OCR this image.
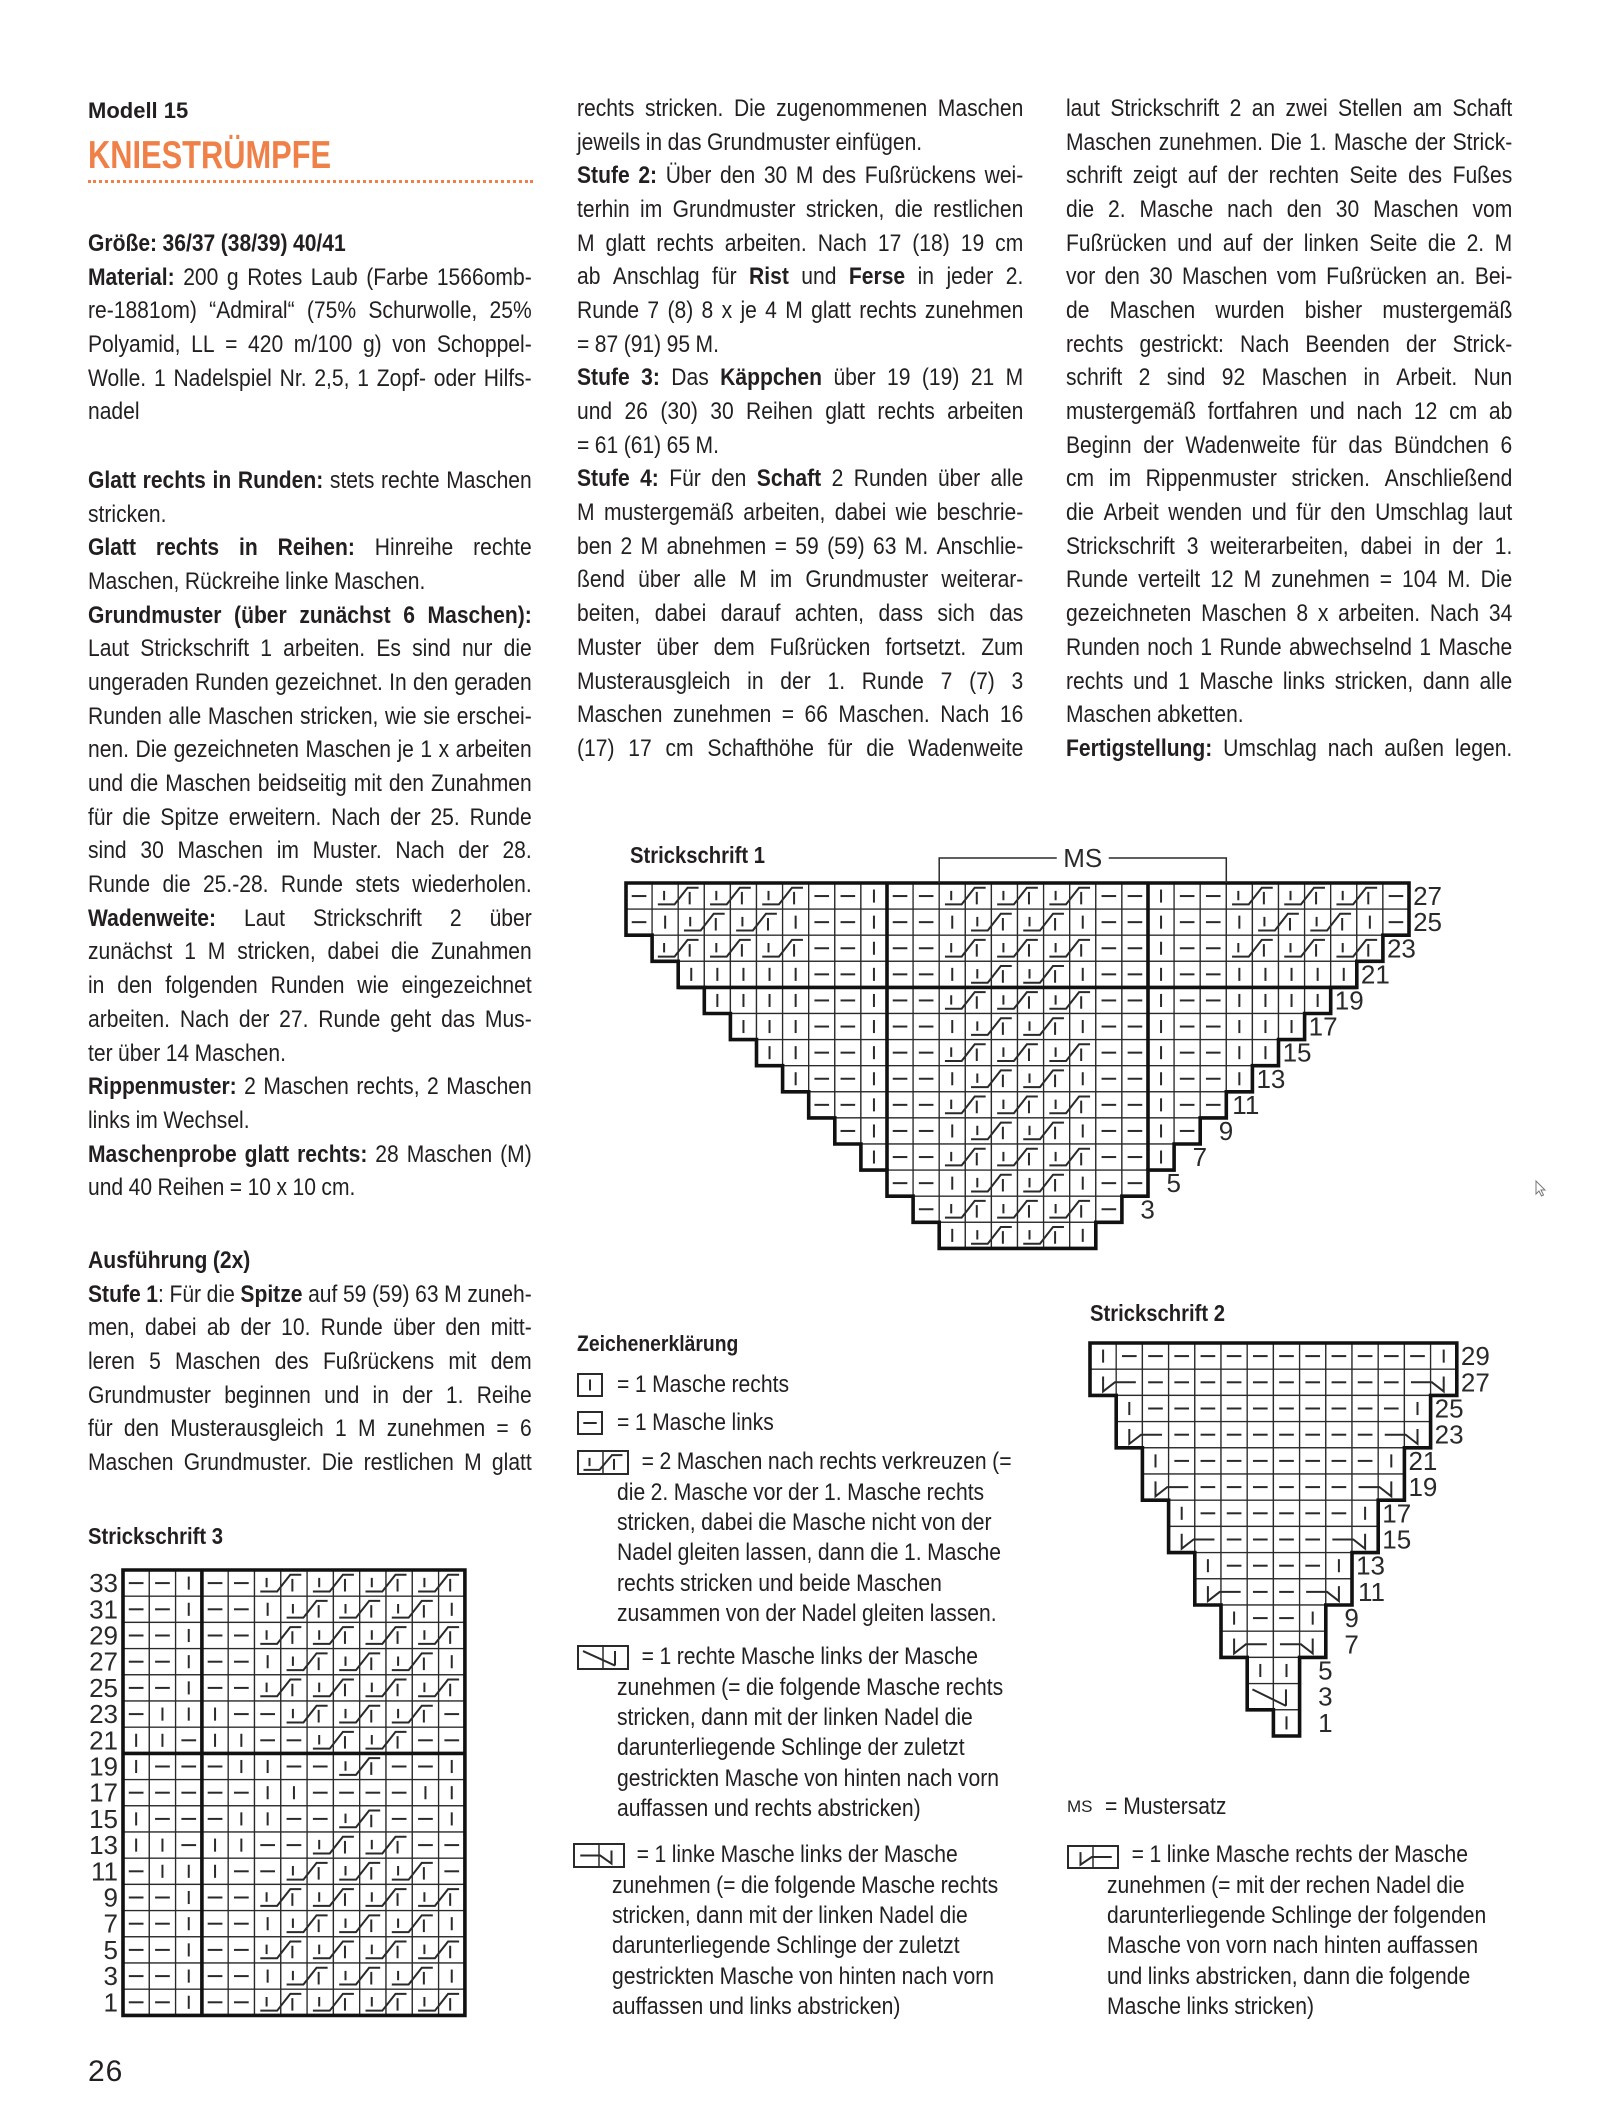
Modell 15
KNIESTRÜMPFE
Größe: 36/37 (38/39) 40/41
Material: 200 g Rotes Laub (Farbe 1566omb-
re-1881om) “Admiral“ (75% Schurwolle, 25%
Polyamid, LL = 420 m/100 g) von Schoppel-
Wolle. 1 Nadelspiel Nr. 2,5, 1 Zopf- oder Hilfs-
nadel
Glatt rechts in Runden: stets rechte Maschen
stricken.
Glatt rechts in Reihen: Hinreihe rechte
Maschen, Rückreihe linke Maschen.
Grundmuster (über zunächst 6 Maschen):
Laut Strickschrift 1 arbeiten. Es sind nur die
ungeraden Runden gezeichnet. In den geraden
Runden alle Maschen stricken, wie sie erschei-
nen. Die gezeichneten Maschen je 1 x arbeiten
und die Maschen beidseitig mit den Zunahmen
für die Spitze erweitern. Nach der 25. Runde
sind 30 Maschen im Muster. Nach der 28.
Runde die 25.-28. Runde stets wiederholen.
Wadenweite: Laut Strickschrift 2 über
zunächst 1 M stricken, dabei die Zunahmen
in den folgenden Runden wie eingezeichnet
arbeiten. Nach der 27. Runde geht das Mus-
ter über 14 Maschen.
Rippenmuster: 2 Maschen rechts, 2 Maschen
links im Wechsel.
Maschenprobe glatt rechts: 28 Maschen (M)
und 40 Reihen = 10 x 10 cm.
Ausführung (2x)
Stufe 1: Für die Spitze auf 59 (59) 63 M zuneh-
men, dabei ab der 10. Runde über den mitt-
leren 5 Maschen des Fußrückens mit dem
Grundmuster beginnen und in der 1. Reihe
für den Musterausgleich 1 M zunehmen = 6
Maschen Grundmuster. Die restlichen M glatt
rechts stricken. Die zugenommenen Maschen
jeweils in das Grundmuster einfügen.
Stufe 2: Über den 30 M des Fußrückens wei-
terhin im Grundmuster stricken, die restlichen
M glatt rechts arbeiten. Nach 17 (18) 19 cm
ab Anschlag für Rist und Ferse in jeder 2.
Runde 7 (8) 8 x je 4 M glatt rechts zunehmen
= 87 (91) 95 M.
Stufe 3: Das Käppchen über 19 (19) 21 M
und 26 (30) 30 Reihen glatt rechts arbeiten
= 61 (61) 65 M.
Stufe 4: Für den Schaft 2 Runden über alle
M mustergemäß arbeiten, dabei wie beschrie-
ben 2 M abnehmen = 59 (59) 63 M. Anschlie-
ßend über alle M im Grundmuster weiterar-
beiten, dabei darauf achten, dass sich das
Muster über dem Fußrücken fortsetzt. Zum
Musterausgleich in der 1. Runde 7 (7) 3
Maschen zunehmen = 66 Maschen. Nach 16
(17) 17 cm Schafthöhe für die Wadenweite
laut Strickschrift 2 an zwei Stellen am Schaft
Maschen zunehmen. Die 1. Masche der Strick-
schrift zeigt auf der rechten Seite des Fußes
die 2. Masche nach den 30 Maschen vom
Fußrücken und auf der linken Seite die 2. M
vor den 30 Maschen vom Fußrücken an. Bei-
de Maschen wurden bisher mustergemäß
rechts gestrickt: Nach Beenden der Strick-
schrift 2 sind 92 Maschen in Arbeit. Nun
mustergemäß fortfahren und nach 12 cm ab
Beginn der Wadenweite für das Bündchen 6
cm im Rippenmuster stricken. Anschließend
die Arbeit wenden und für den Umschlag laut
Strickschrift 3 weiterarbeiten, dabei in der 1.
Runde verteilt 12 M zunehmen = 104 M. Die
gezeichneten Maschen 8 x arbeiten. Nach 34
Runden noch 1 Runde abwechselnd 1 Masche
rechts und 1 Masche links stricken, dann alle
Maschen abketten.
Fertigstellung: Umschlag nach außen legen.
Strickschrift 1
Strickschrift 2
Strickschrift 3
MS
27
25
23
21
19
17
15
13
11
9
7
5
3
29
27
25
23
21
19
17
15
13
11
9
7
5
3
1
33
31
29
27
25
23
21
19
17
15
13
11
9
7
5
3
1
Zeichenerklärung
= 1 Masche rechts
= 1 Masche links
= 2 Maschen nach rechts verkreuzen (=
die 2. Masche vor der 1. Masche rechts
stricken, dabei die Masche nicht von der
Nadel gleiten lassen, dann die 1. Masche
rechts stricken und beide Maschen
zusammen von der Nadel gleiten lassen.
= 1 rechte Masche links der Masche
zunehmen (= die folgende Masche rechts
stricken, dann mit der linken Nadel die
darunterliegende Schlinge der zuletzt
gestrickten Masche von hinten nach vorn
auffassen und rechts abstricken)
= 1 linke Masche links der Masche
zunehmen (= die folgende Masche rechts
stricken, dann mit der linken Nadel die
darunterliegende Schlinge der zuletzt
gestrickten Masche von hinten nach vorn
auffassen und links abstricken)
MS = Mustersatz
= 1 linke Masche rechts der Masche
zunehmen (= mit der rechen Nadel die
darunterliegende Schlinge der folgenden
Masche von vorn nach hinten auffassen
und links abstricken, dann die folgende
Masche links stricken)
26
